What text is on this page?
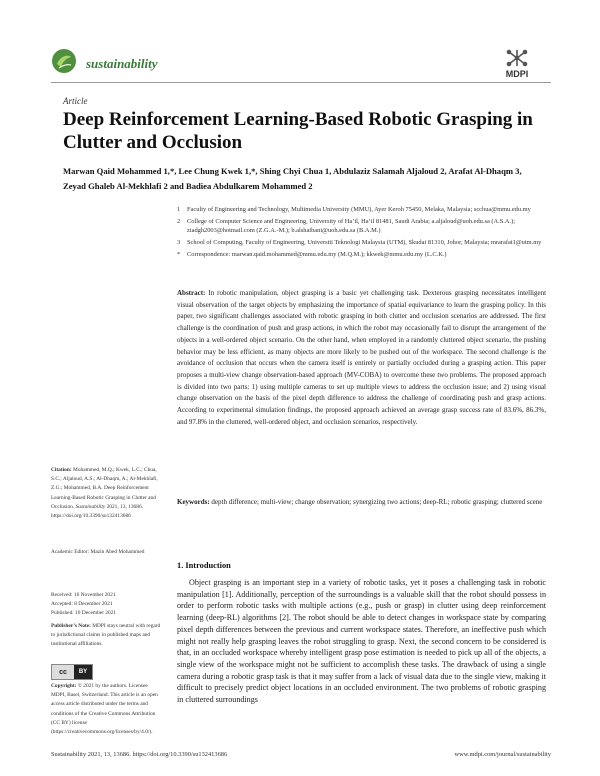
sustainability
MDPI
Article
Deep Reinforcement Learning-Based Robotic Grasping in Clutter and Occlusion
Marwan Qaid Mohammed 1,*, Lee Chung Kwek 1,*, Shing Chyi Chua 1, Abdulaziz Salamah Aljaloud 2, Arafat Al-Dhaqm 3, Zeyad Ghaleb Al-Mekhlafi 2 and Badiea Abdulkarem Mohammed 2
1	Faculty of Engineering and Technology, Multimedia University (MMU), Ayer Keroh 75450, Melaka, Malaysia; scchua@mmu.edu.my
2	College of Computer Science and Engineering, University of Ha’il, Ha’il 81481, Saudi Arabia; a.aljaloud@uoh.edu.sa (A.S.A.); ziadgh2003@hotmail.com (Z.G.A.-M.); b.alshaibani@uoh.edu.sa (B.A.M.)
3	School of Computing, Faculty of Engineering, Universiti Teknologi Malaysia (UTM), Skudai 81310, Johor, Malaysia; mrarafat1@utm.my
*	Correspondence: marwan.qaid.mohammed@mmu.edu.my (M.Q.M.); kkwek@mmu.edu.my (L.C.K.)
Abstract: In robotic manipulation, object grasping is a basic yet challenging task. Dexterous grasping necessitates intelligent visual observation of the target objects by emphasizing the importance of spatial equivariance to learn the grasping policy. In this paper, two significant challenges associated with robotic grasping in both clutter and occlusion scenarios are addressed. The first challenge is the coordination of push and grasp actions, in which the robot may occasionally fail to disrupt the arrangement of the objects in a well-ordered object scenario. On the other hand, when employed in a randomly cluttered object scenario, the pushing behavior may be less efficient, as many objects are more likely to be pushed out of the workspace. The second challenge is the avoidance of occlusion that occurs when the camera itself is entirely or partially occluded during a grasping action. This paper proposes a multi-view change observation-based approach (MV-COBA) to overcome these two problems. The proposed approach is divided into two parts: 1) using multiple cameras to set up multiple views to address the occlusion issue; and 2) using visual change observation on the basis of the pixel depth difference to address the challenge of coordinating push and grasp actions. According to experimental simulation findings, the proposed approach achieved an average grasp success rate of 83.6%, 86.3%, and 97.8% in the cluttered, well-ordered object, and occlusion scenarios, respectively.
Keywords: depth difference; multi-view; change observation; synergizing two actions; deep-RL; robotic grasping; cluttered scene
Citation: Mohammed, M.Q.; Kwek, L.C.; Chua, S.C.; Aljaloud, A.S.; Al-Dhaqm, A.; Al-Mekhlafi, Z.G.; Mohammed, B.A. Deep Reinforcement Learning-Based Robotic Grasping in Clutter and Occlusion. Sustainability 2021, 13, 13686. https://doi.org/10.3390/su132413686
Academic Editor: Mazin Abed Mohammed
Received: 16 November 2021
Accepted: 8 December 2021
Published: 10 December 2021
Publisher’s Note: MDPI stays neutral with regard to jurisdictional claims in published maps and institutional affiliations.
cc	BY
Copyright: © 2021 by the authors. Licensee MDPI, Basel, Switzerland. This article is an open access article distributed under the terms and conditions of the Creative Commons Attribution (CC BY) license (https://creativecommons.org/licenses/by/4.0/).
1. Introduction
Object grasping is an important step in a variety of robotic tasks, yet it poses a challenging task in robotic manipulation [1]. Additionally, perception of the surroundings is a valuable skill that the robot should possess in order to perform robotic tasks with multiple actions (e.g., push or grasp) in clutter using deep reinforcement learning (deep-RL) algorithms [2]. The robot should be able to detect changes in workspace state by comparing pixel depth differences between the previous and current workspace states. Therefore, an ineffective push which might not really help grasping leaves the robot struggling to grasp. Next, the second concern to be considered is that, in an occluded workspace whereby intelligent grasp pose estimation is needed to pick up all of the objects, a single view of the workspace might not be sufficient to accomplish these tasks. The drawback of using a single camera during a robotic grasp task is that it may suffer from a lack of visual data due to the single view, making it difficult to precisely predict object locations in an occluded environment. The two problems of robotic grasping in cluttered surroundings
Sustainability 2021, 13, 13686. https://doi.org/10.3390/su132413686	www.mdpi.com/journal/sustainability
